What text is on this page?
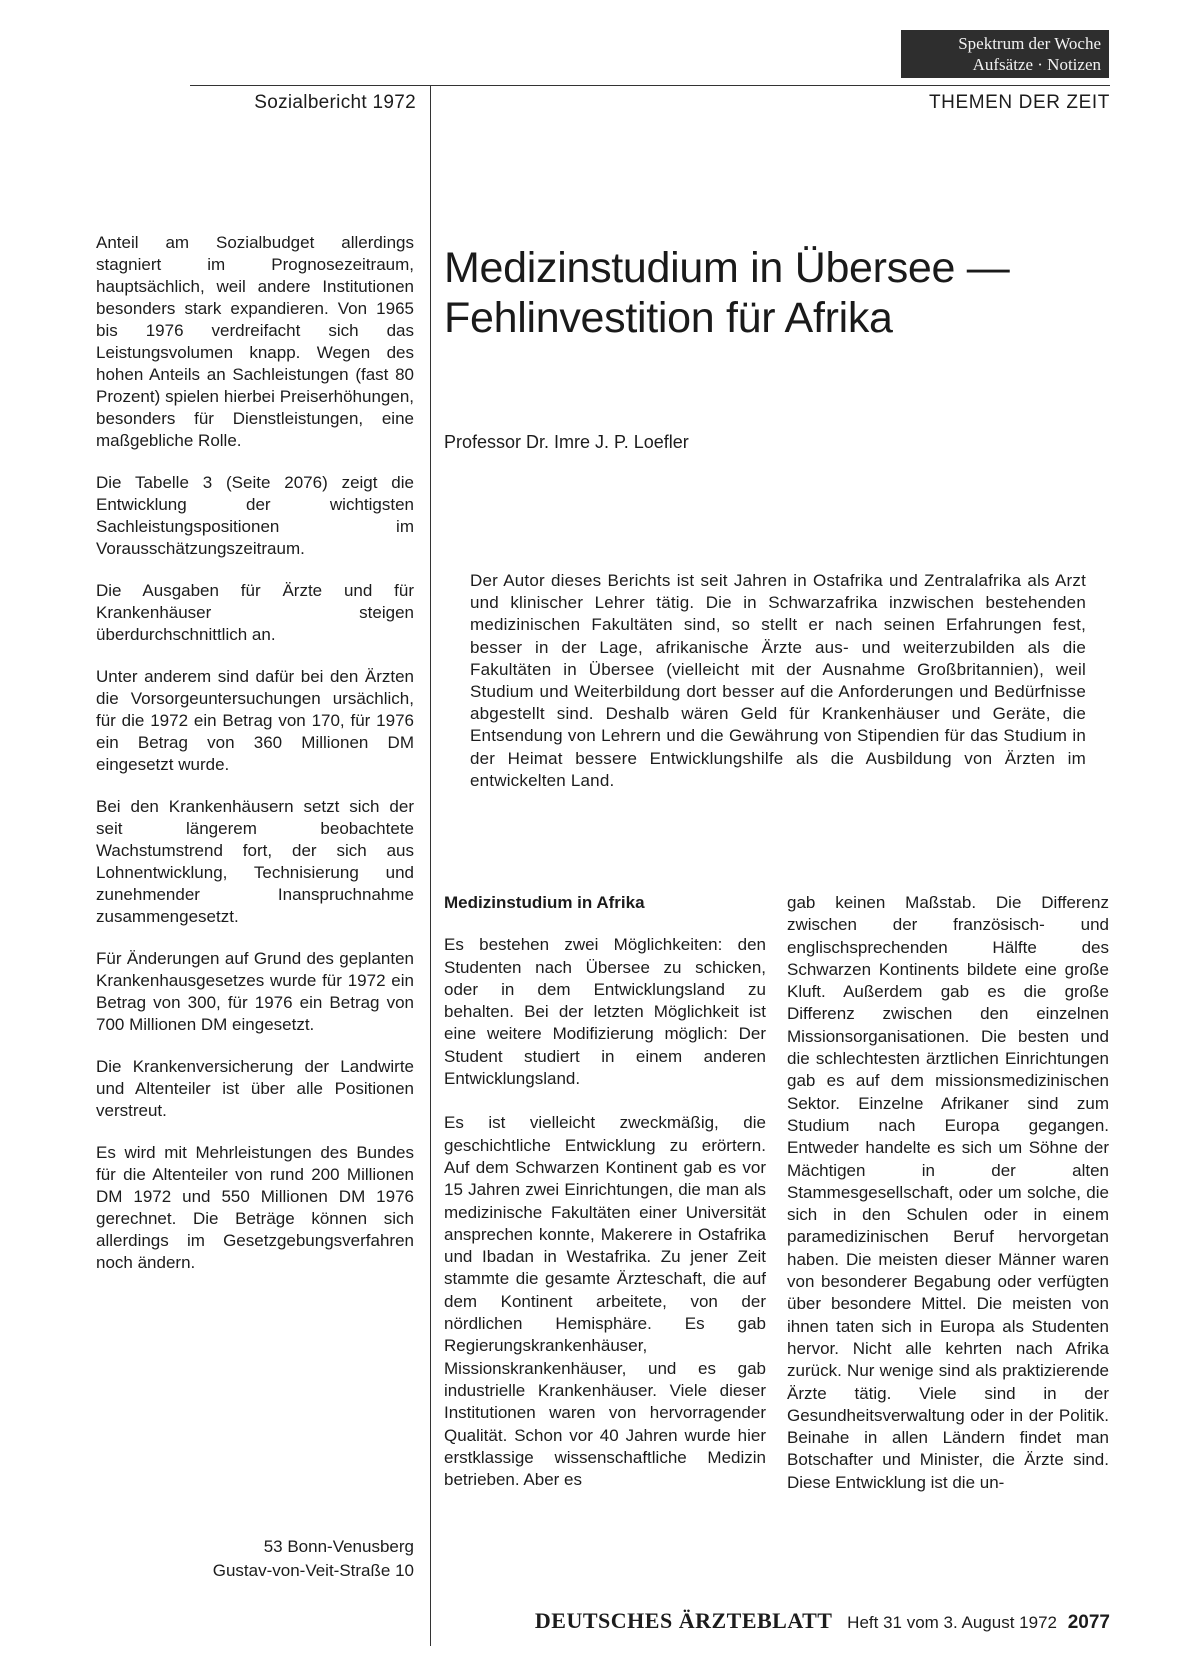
Spektrum der Woche
Aufsätze · Notizen
Sozialbericht 1972	THEMEN DER ZEIT

Anteil am Sozialbudget allerdings stagniert im Prognosezeitraum, hauptsächlich, weil andere Institutionen besonders stark expandieren. Von 1965 bis 1976 verdreifacht sich das Leistungsvolumen knapp. Wegen des hohen Anteils an Sachleistungen (fast 80 Prozent) spielen hierbei Preiserhöhungen, besonders für Dienstleistungen, eine maßgebliche Rolle.

Die Tabelle 3 (Seite 2076) zeigt die Entwicklung der wichtigsten Sachleistungspositionen im Vorausschätzungszeitraum.

Die Ausgaben für Ärzte und für Krankenhäuser steigen überdurchschnittlich an.

Unter anderem sind dafür bei den Ärzten die Vorsorgeuntersuchungen ursächlich, für die 1972 ein Betrag von 170, für 1976 ein Betrag von 360 Millionen DM eingesetzt wurde.

Bei den Krankenhäusern setzt sich der seit längerem beobachtete Wachstumstrend fort, der sich aus Lohnentwicklung, Technisierung und zunehmender Inanspruchnahme zusammengesetzt.

Für Änderungen auf Grund des geplanten Krankenhausgesetzes wurde für 1972 ein Betrag von 300, für 1976 ein Betrag von 700 Millionen DM eingesetzt.

Die Krankenversicherung der Landwirte und Altenteiler ist über alle Positionen verstreut.

Es wird mit Mehrleistungen des Bundes für die Altenteiler von rund 200 Millionen DM 1972 und 550 Millionen DM 1976 gerechnet. Die Beträge können sich allerdings im Gesetzgebungsverfahren noch ändern.

53 Bonn-Venusberg
Gustav-von-Veit-Straße 10
Medizinstudium in Übersee —
Fehlinvestition für Afrika
Professor Dr. Imre J. P. Loefler
Der Autor dieses Berichts ist seit Jahren in Ostafrika und Zentralafrika als Arzt und klinischer Lehrer tätig. Die in Schwarzafrika inzwischen bestehenden medizinischen Fakultäten sind, so stellt er nach seinen Erfahrungen fest, besser in der Lage, afrikanische Ärzte aus- und weiterzubilden als die Fakultäten in Übersee (vielleicht mit der Ausnahme Großbritannien), weil Studium und Weiterbildung dort besser auf die Anforderungen und Bedürfnisse abgestellt sind. Deshalb wären Geld für Krankenhäuser und Geräte, die Entsendung von Lehrern und die Gewährung von Stipendien für das Studium in der Heimat bessere Entwicklungshilfe als die Ausbildung von Ärzten im entwickelten Land.
Medizinstudium in Afrika

Es bestehen zwei Möglichkeiten: den Studenten nach Übersee zu schicken, oder in dem Entwicklungsland zu behalten. Bei der letzten Möglichkeit ist eine weitere Modifizierung möglich: Der Student studiert in einem anderen Entwicklungsland.

Es ist vielleicht zweckmäßig, die geschichtliche Entwicklung zu erörtern. Auf dem Schwarzen Kontinent gab es vor 15 Jahren zwei Einrichtungen, die man als medizinische Fakultäten einer Universität ansprechen konnte, Makerere in Ostafrika und Ibadan in Westafrika. Zu jener Zeit stammte die gesamte Ärzteschaft, die auf dem Kontinent arbeitete, von der nördlichen Hemisphäre. Es gab Regierungskrankenhäuser, Missionskrankenhäuser, und es gab industrielle Krankenhäuser. Viele dieser Institutionen waren von hervorragender Qualität. Schon vor 40 Jahren wurde hier erstklassige wissenschaftliche Medizin betrieben. Aber es

gab keinen Maßstab. Die Differenz zwischen der französisch- und englischsprechenden Hälfte des Schwarzen Kontinents bildete eine große Kluft. Außerdem gab es die große Differenz zwischen den einzelnen Missionsorganisationen. Die besten und die schlechtesten ärztlichen Einrichtungen gab es auf dem missionsmedizinischen Sektor. Einzelne Afrikaner sind zum Studium nach Europa gegangen. Entweder handelte es sich um Söhne der Mächtigen in der alten Stammesgesellschaft, oder um solche, die sich in den Schulen oder in einem paramedizinischen Beruf hervorgetan haben. Die meisten dieser Männer waren von besonderer Begabung oder verfügten über besondere Mittel. Die meisten von ihnen taten sich in Europa als Studenten hervor. Nicht alle kehrten nach Afrika zurück. Nur wenige sind als praktizierende Ärzte tätig. Viele sind in der Gesundheitsverwaltung oder in der Politik. Beinahe in allen Ländern findet man Botschafter und Minister, die Ärzte sind. Diese Entwicklung ist die un-

DEUTSCHES ÄRZTEBLATT Heft 31 vom 3. August 1972 2077
